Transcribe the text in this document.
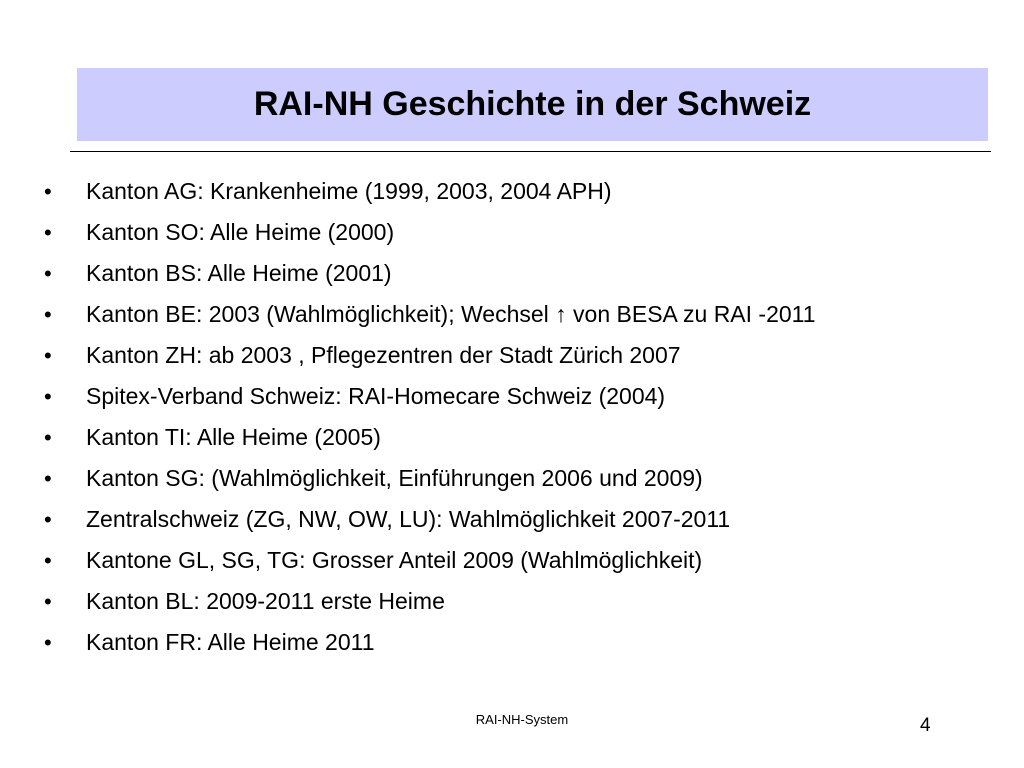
RAI-NH Geschichte in der Schweiz
•	Kanton AG: Krankenheime (1999, 2003, 2004 APH)
•	Kanton SO: Alle Heime (2000)
•	Kanton BS: Alle Heime (2001)
•	Kanton BE: 2003 (Wahlmöglichkeit); Wechsel ↑ von BESA zu RAI -2011
•	Kanton ZH: ab 2003 , Pflegezentren der Stadt Zürich 2007
•	Spitex-Verband Schweiz: RAI-Homecare Schweiz (2004)
•	Kanton TI: Alle Heime (2005)
•	Kanton SG: (Wahlmöglichkeit, Einführungen 2006 und 2009)
•	Zentralschweiz (ZG, NW, OW, LU): Wahlmöglichkeit 2007-2011
•	Kantone GL, SG, TG: Grosser Anteil 2009 (Wahlmöglichkeit)
•	Kanton BL: 2009-2011 erste Heime
•	Kanton FR: Alle Heime 2011
RAI-NH-System	4
